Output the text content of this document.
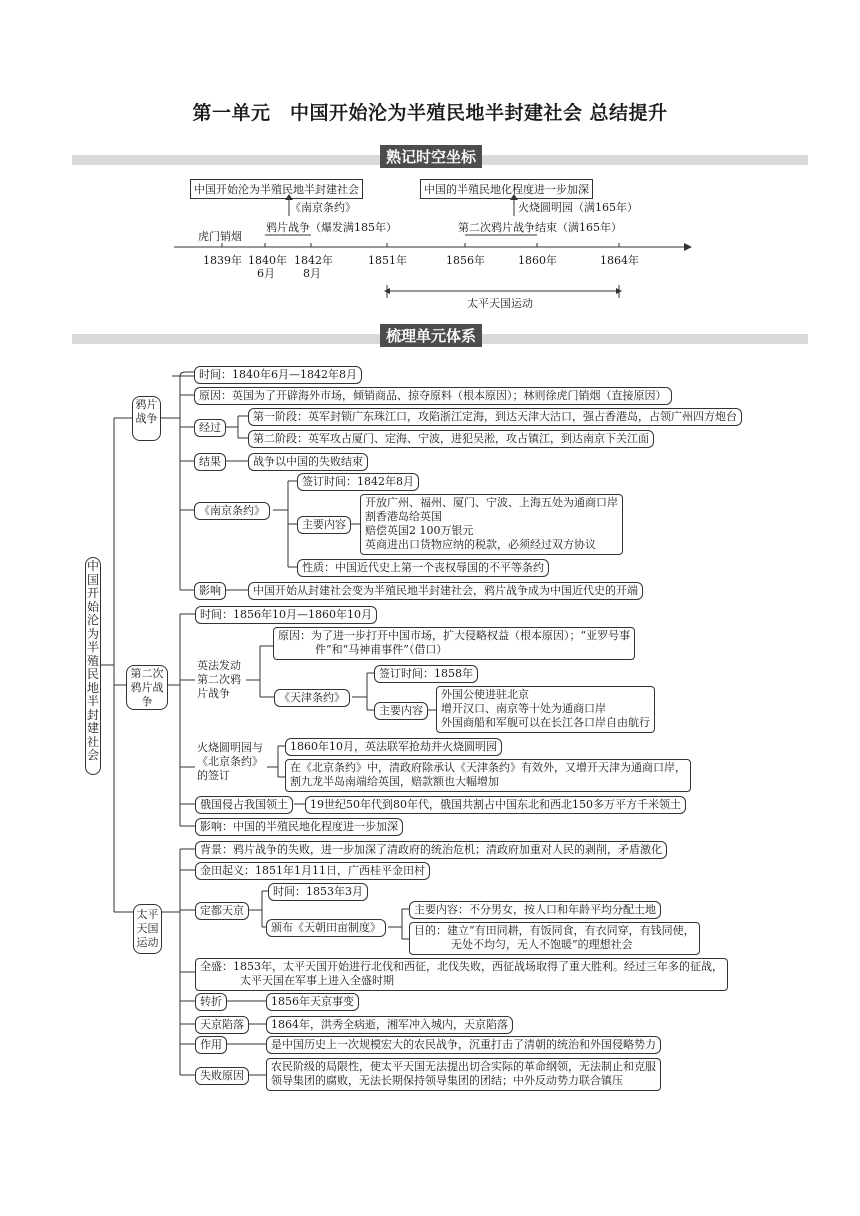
第一单元　中国开始沦为半殖民地半封建社会 总结提升
熟记时空坐标
中国开始沦为半殖民地半封建社会	中国的半殖民地化程度进一步加深
《南京条约》	火烧圆明园（满165年）
虎门销烟
鸦片战争（爆发满185年）	第二次鸦片战争结束（满165年）
1839年 1840年
6月
1842年
8月
1851年	1856年	1860年	1864年
太平天国运动
梳理单元体系
中国开始沦为半殖民地半封建社会
鸦片战争
时间：1840年6月—1842年8月
原因：英国为了开辟海外市场，倾销商品、掠夺原料（根本原因）；林则徐虎门销烟（直接原因）
经过
第一阶段：英军封锁广东珠江口，攻陷浙江定海，到达天津大沽口，强占香港岛，占领广州四方炮台
第二阶段：英军攻占厦门、定海、宁波，进犯吴淞，攻占镇江，到达南京下关江面
结果	战争以中国的失败结束
《南京条约》
签订时间：1842年8月
主要内容
开放广州、福州、厦门、宁波、上海五处为通商口岸
割香港岛给英国
赔偿英国2 100万银元
英商进出口货物应纳的税款，必须经过双方协议
性质：中国近代史上第一个丧权辱国的不平等条约
影响	中国开始从封建社会变为半殖民地半封建社会，鸦片战争成为中国近代史的开端
第二次鸦片战争
时间：1856年10月—1860年10月
英法发动第二次鸦片战争
原因：为了进一步打开中国市场，扩大侵略权益（根本原因）；“亚罗号事
件”和“马神甫事件”（借口）
《天津条约》
签订时间：1858年
主要内容
外国公使进驻北京
增开汉口、南京等十处为通商口岸
外国商船和军舰可以在长江各口岸自由航行
火烧圆明园与《北京条约》的签订
1860年10月，英法联军抢劫并火烧圆明园
在《北京条约》中，清政府除承认《天津条约》有效外，又增开天津为通商口岸，
割九龙半岛南端给英国，赔款额也大幅增加
俄国侵占我国领土	19世纪50年代到80年代，俄国共割占中国东北和西北150多万平方千米领土
影响：中国的半殖民地化程度进一步加深
太平天国运动
背景：鸦片战争的失败，进一步加深了清政府的统治危机；清政府加重对人民的剥削，矛盾激化
金田起义：1851年1月11日，广西桂平金田村
定都天京
时间：1853年3月
颁布《天朝田亩制度》
主要内容：不分男女，按人口和年龄平均分配土地
目的：建立“有田同耕，有饭同食，有衣同穿，有钱同使，
无处不均匀，无人不饱暖”的理想社会
全盛：1853年，太平天国开始进行北伐和西征，北伐失败，西征战场取得了重大胜利。经过三年多的征战，
太平天国在军事上进入全盛时期
转折	1856年天京事变
天京陷落	1864年，洪秀全病逝，湘军冲入城内，天京陷落
作用	是中国历史上一次规模宏大的农民战争，沉重打击了清朝的统治和外国侵略势力
失败原因
农民阶级的局限性，使太平天国无法提出切合实际的革命纲领，无法制止和克服
领导集团的腐败，无法长期保持领导集团的团结；中外反动势力联合镇压
